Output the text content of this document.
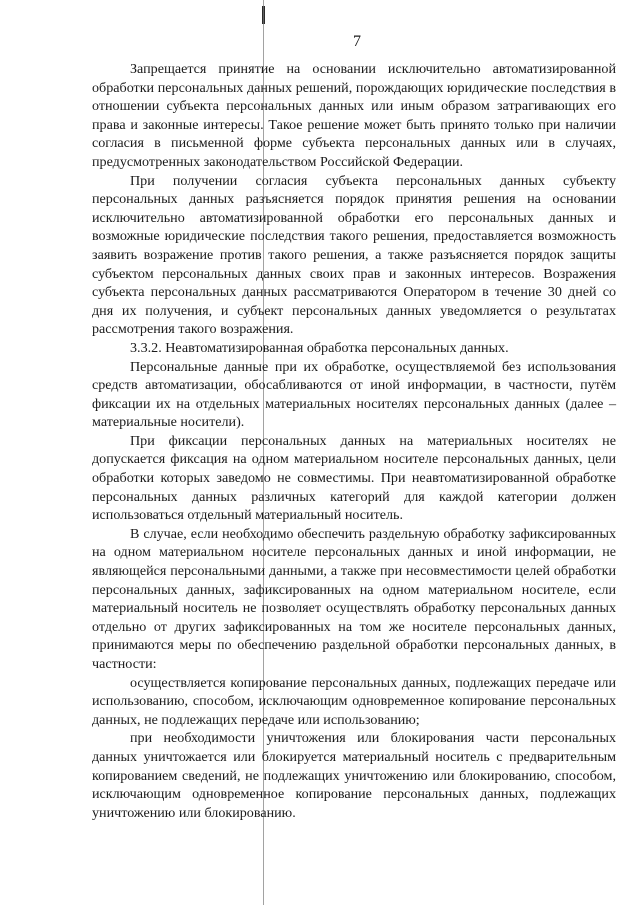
7

Запрещается принятие на основании исключительно автоматизированной обработки персональных данных решений, порождающих юридические последствия в отношении субъекта персональных данных или иным образом затрагивающих его права и законные интересы. Такое решение может быть принято только при наличии согласия в письменной форме субъекта персональных данных или в случаях, предусмотренных законодательством Российской Федерации.

При получении согласия субъекта персональных данных субъекту персональных данных разъясняется порядок принятия решения на основании исключительно автоматизированной обработки его персональных данных и возможные юридические последствия такого решения, предоставляется возможность заявить возражение против такого решения, а также разъясняется порядок защиты субъектом персональных данных своих прав и законных интересов. Возражения субъекта персональных данных рассматриваются Оператором в течение 30 дней со дня их получения, и субъект персональных данных уведомляется о результатах рассмотрения такого возражения.

3.3.2. Неавтоматизированная обработка персональных данных.

Персональные данные при их обработке, осуществляемой без использования средств автоматизации, обосабливаются от иной информации, в частности, путём фиксации их на отдельных материальных носителях персональных данных (далее – материальные носители).

При фиксации персональных данных на материальных носителях не допускается фиксация на одном материальном носителе персональных данных, цели обработки которых заведомо не совместимы. При неавтоматизированной обработке персональных данных различных категорий для каждой категории должен использоваться отдельный материальный носитель.

В случае, если необходимо обеспечить раздельную обработку зафиксированных на одном материальном носителе персональных данных и иной информации, не являющейся персональными данными, а также при несовместимости целей обработки персональных данных, зафиксированных на одном материальном носителе, если материальный носитель не позволяет осуществлять обработку персональных данных отдельно от других зафиксированных на том же носителе персональных данных, принимаются меры по обеспечению раздельной обработки персональных данных, в частности:

осуществляется копирование персональных данных, подлежащих передаче или использованию, способом, исключающим одновременное копирование персональных данных, не подлежащих передаче или использованию;

при необходимости уничтожения или блокирования части персональных данных уничтожается или блокируется материальный носитель с предварительным копированием сведений, не подлежащих уничтожению или блокированию, способом, исключающим одновременное копирование персональных данных, подлежащих уничтожению или блокированию.
